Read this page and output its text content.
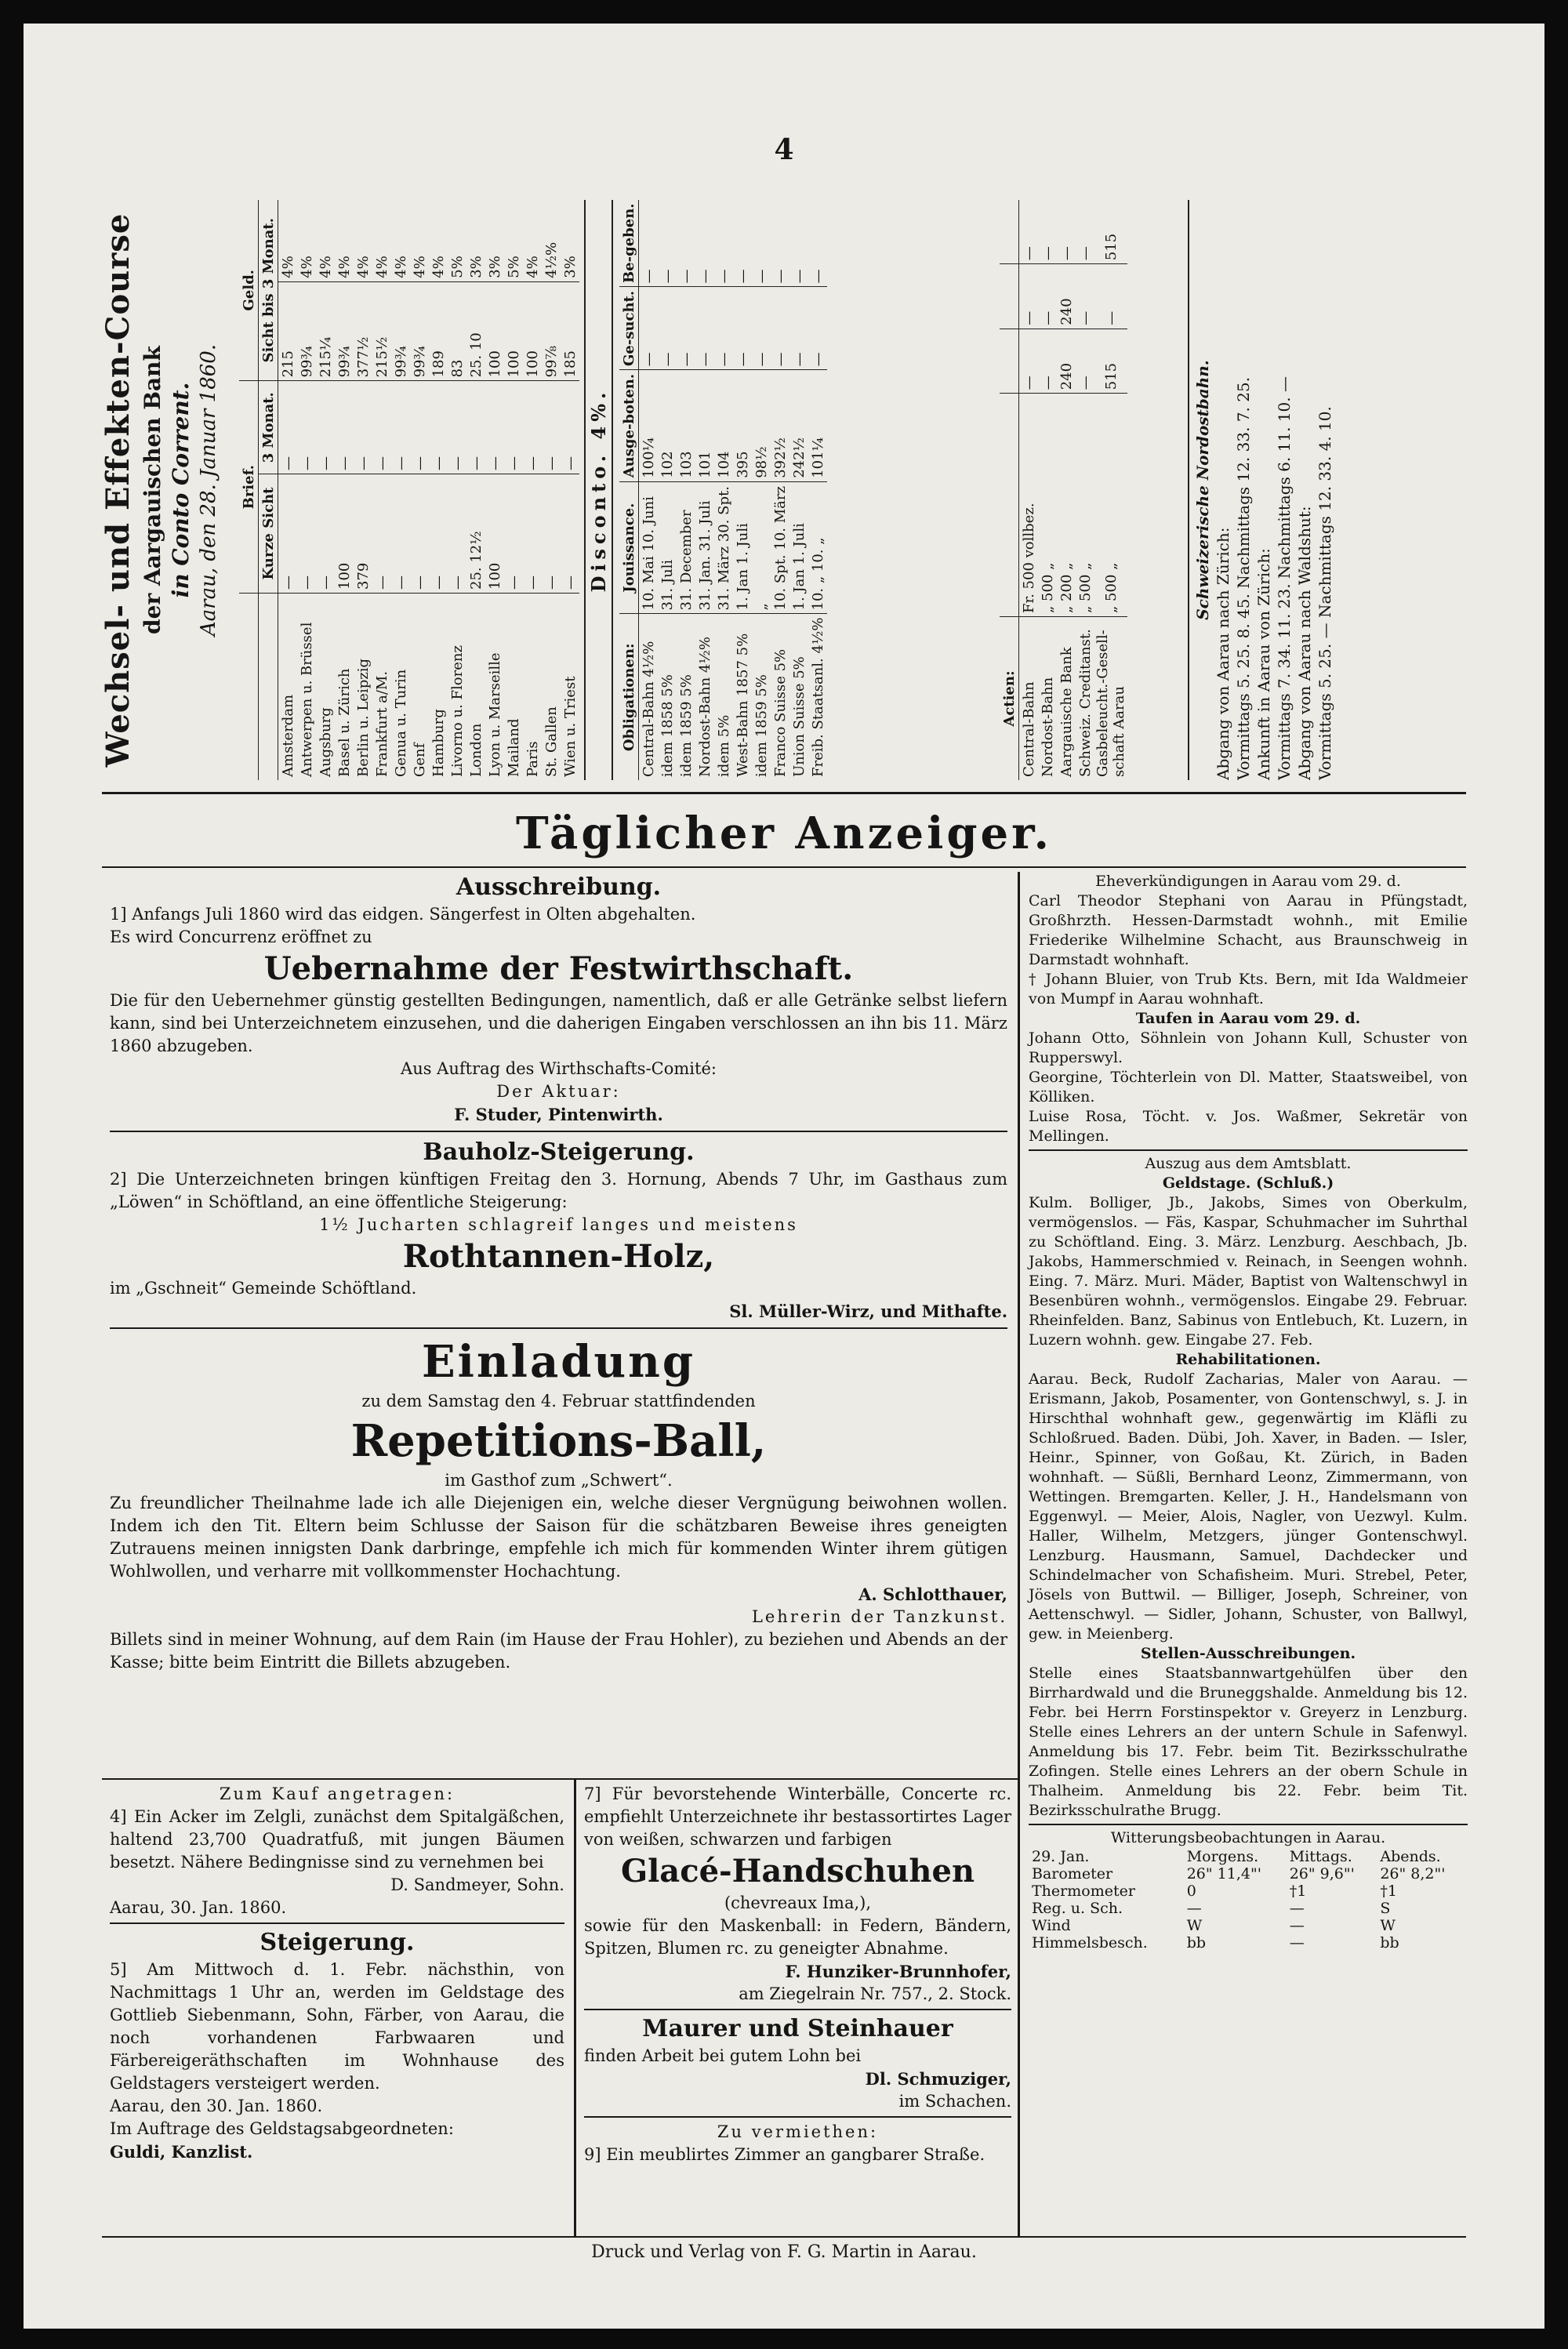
4
Wechsel- und Effekten-Course der Aargauischen Bank in Conto Corrent. Aarau, den 28. Januar 1860.
	Brief.		Geld.	
	Kurze Sicht	3 Monat.	Sicht bis 3 Monat.	
Amsterdam	—	—	215	4%
Antwerpen u. Brüssel	—	—	99¾	4%
Augsburg	—	—	215¼	4%
Basel u. Zürich	100	—	99¾	4%
Berlin u. Leipzig	379	—	377½	4%
Frankfurt a/M.	—	—	215½	4%
Genua u. Turin	—	—	99¾	4%
Genf	—	—	99¾	4%
Hamburg	—	—	189	4%
Livorno u. Florenz	—	—	83	5%
London	25. 12½	—	25. 10	3%
Lyon u. Marseille	100	—	100	3%
Mailand	—	—	100	5%
Paris	—	—	100	4%
St. Gallen	—	—	99⅞	4½%
Wien u. Triest	—	—	185	3%
Disconto. 4%.
Obligationen:	Jouissance.	Ausge-boten.	Ge-sucht.	Be-geben.
Central-Bahn 4½%	10. Mai 10. Juni	100¼	—	—
idem 1858 5%	31. Juli	102	—	—
idem 1859 5%	31. December	103	—	—
Nordost-Bahn 4½%	31. Jan. 31. Juli	101	—	—
idem 5%	31. März 30. Spt.	104	—	—
West-Bahn 1857 5%	1. Jan 1. Juli	395	—	—
idem 1859 5%	„	98½	—	—
Franco Suisse 5%	10. Spt. 10. März	392½	—	—
Union Suisse 5%	1. Jan 1. Juli	242½	—	—
Freib. Staatsanl. 4½%	10. „ 10. „	101¼	—	—
Actien:				
Central-Bahn	Fr. 500 vollbez.	—	—	—
Nordost-Bahn	„ 500 „	—	—	—
Aargauische Bank	„ 200 „	240	240	—
Schweiz. Creditanst.	„ 500 „	—	—	—
Gasbeleucht.-Gesell-schaft Aarau	„ 500 „	515	—	515
Schweizerische Nordostbahn.
Abgang von Aarau nach Zürich: Vormittags 5. 25. 8. 45. Nachmittags 12. 33. 7. 25. Ankunft in Aarau von Zürich: Vormittags 7. 34. 11. 23. Nachmittags 6. 11. 10. — Abgang von Aarau nach Waldshut: Vormittags 5. 25. — Nachmittags 12. 33. 4. 10.
Täglicher Anzeiger.

Ausschreibung.

1] Anfangs Juli 1860 wird das eidgen. Sängerfest in Olten abgehalten.

Es wird Concurrenz eröffnet zu

Uebernahme der Festwirthschaft.

Die für den Uebernehmer günstig gestellten Bedingungen, namentlich, daß er alle Getränke selbst liefern kann, sind bei Unterzeichnetem einzusehen, und die daherigen Eingaben verschlossen an ihn bis 11. März 1860 abzugeben.

Aus Auftrag des Wirthschafts-Comité:

Der Aktuar:

F. Studer, Pintenwirth.

Bauholz-Steigerung.

2] Die Unterzeichneten bringen künftigen Freitag den 3. Hornung, Abends 7 Uhr, im Gasthaus zum „Löwen“ in Schöftland, an eine öffentliche Steigerung:

1½ Jucharten schlagreif langes und meistens

Rothtannen-Holz,

im „Gschneit“ Gemeinde Schöftland.

Sl. Müller-Wirz, und Mithafte.

Einladung

zu dem Samstag den 4. Februar stattfindenden

Repetitions-Ball,

im Gasthof zum „Schwert“.

Zu freundlicher Theilnahme lade ich alle Diejenigen ein, welche dieser Vergnügung beiwohnen wollen. Indem ich den Tit. Eltern beim Schlusse der Saison für die schätzbaren Beweise ihres geneigten Zutrauens meinen innigsten Dank darbringe, empfehle ich mich für kommenden Winter ihrem gütigen Wohlwollen, und verharre mit vollkommenster Hochachtung.

A. Schlotthauer,

Lehrerin der Tanzkunst.

Billets sind in meiner Wohnung, auf dem Rain (im Hause der Frau Hohler), zu beziehen und Abends an der Kasse; bitte beim Eintritt die Billets abzugeben.

Zum Kauf angetragen:

4] Ein Acker im Zelgli, zunächst dem Spitalgäßchen, haltend 23,700 Quadratfuß, mit jungen Bäumen besetzt. Nähere Bedingnisse sind zu vernehmen bei

D. Sandmeyer, Sohn.

Aarau, 30. Jan. 1860.

Steigerung.

5] Am Mittwoch d. 1. Febr. nächsthin, von Nachmittags 1 Uhr an, werden im Geldstage des Gottlieb Siebenmann, Sohn, Färber, von Aarau, die noch vorhandenen Farbwaaren und Färbereigeräthschaften im Wohnhause des Geldstagers versteigert werden.

Aarau, den 30. Jan. 1860.

Im Auftrage des Geldstagsabgeordneten:

Guldi, Kanzlist.

7] Für bevorstehende Winterbälle, Concerte rc. empfiehlt Unterzeichnete ihr bestassortirtes Lager von weißen, schwarzen und farbigen

Glacé-Handschuhen

(chevreaux Ima,),

sowie für den Maskenball: in Federn, Bändern, Spitzen, Blumen rc. zu geneigter Abnahme.

F. Hunziker-Brunnhofer,

am Ziegelrain Nr. 757., 2. Stock.

Maurer und Steinhauer

finden Arbeit bei gutem Lohn bei

Dl. Schmuziger,

im Schachen.

Zu vermiethen:

9] Ein meublirtes Zimmer an gangbarer Straße.

Eheverkündigungen in Aarau vom 29. d.

Carl Theodor Stephani von Aarau in Pfüngstadt, Großhrzth. Hessen-Darmstadt wohnh., mit Emilie Friederike Wilhelmine Schacht, aus Braunschweig in Darmstadt wohnhaft.

† Johann Bluier, von Trub Kts. Bern, mit Ida Waldmeier von Mumpf in Aarau wohnhaft.

Taufen in Aarau vom 29. d.

Johann Otto, Söhnlein von Johann Kull, Schuster von Rupperswyl.

Georgine, Töchterlein von Dl. Matter, Staatsweibel, von Kölliken.

Luise Rosa, Töcht. v. Jos. Waßmer, Sekretär von Mellingen.

Auszug aus dem Amtsblatt.

Geldstage. (Schluß.)

Kulm. Bolliger, Jb., Jakobs, Simes von Oberkulm, vermögenslos. — Fäs, Kaspar, Schuhmacher im Suhrthal zu Schöftland. Eing. 3. März. Lenzburg. Aeschbach, Jb. Jakobs, Hammerschmied v. Reinach, in Seengen wohnh. Eing. 7. März. Muri. Mäder, Baptist von Waltenschwyl in Besenbüren wohnh., vermögenslos. Eingabe 29. Februar. Rheinfelden. Banz, Sabinus von Entlebuch, Kt. Luzern, in Luzern wohnh. gew. Eingabe 27. Feb.

Rehabilitationen.

Aarau. Beck, Rudolf Zacharias, Maler von Aarau. — Erismann, Jakob, Posamenter, von Gontenschwyl, s. J. in Hirschthal wohnhaft gew., gegenwärtig im Kläfli zu Schloßrued. Baden. Dübi, Joh. Xaver, in Baden. — Isler, Heinr., Spinner, von Goßau, Kt. Zürich, in Baden wohnhaft. — Süßli, Bernhard Leonz, Zimmermann, von Wettingen. Bremgarten. Keller, J. H., Handelsmann von Eggenwyl. — Meier, Alois, Nagler, von Uezwyl. Kulm. Haller, Wilhelm, Metzgers, jünger Gontenschwyl. Lenzburg. Hausmann, Samuel, Dachdecker und Schindelmacher von Schafisheim. Muri. Strebel, Peter, Jösels von Buttwil. — Billiger, Joseph, Schreiner, von Aettenschwyl. — Sidler, Johann, Schuster, von Ballwyl, gew. in Meienberg.

Stellen-Ausschreibungen.

Stelle eines Staatsbannwartgehülfen über den Birrhardwald und die Bruneggshalde. Anmeldung bis 12. Febr. bei Herrn Forstinspektor v. Greyerz in Lenzburg. Stelle eines Lehrers an der untern Schule in Safenwyl. Anmeldung bis 17. Febr. beim Tit. Bezirksschulrathe Zofingen. Stelle eines Lehrers an der obern Schule in Thalheim. Anmeldung bis 22. Febr. beim Tit. Bezirksschulrathe Brugg.

Witterungsbeobachtungen in Aarau.

29. Jan.	Morgens.	Mittags.	Abends.
Barometer	26" 11,4"'	26" 9,6"'	26" 8,2"'
Thermometer	0	†1	†1
Reg. u. Sch.	—	—	S
Wind	W	—	W
Himmelsbesch.	bb	—	bb
Druck und Verlag von F. G. Martin in Aarau.
